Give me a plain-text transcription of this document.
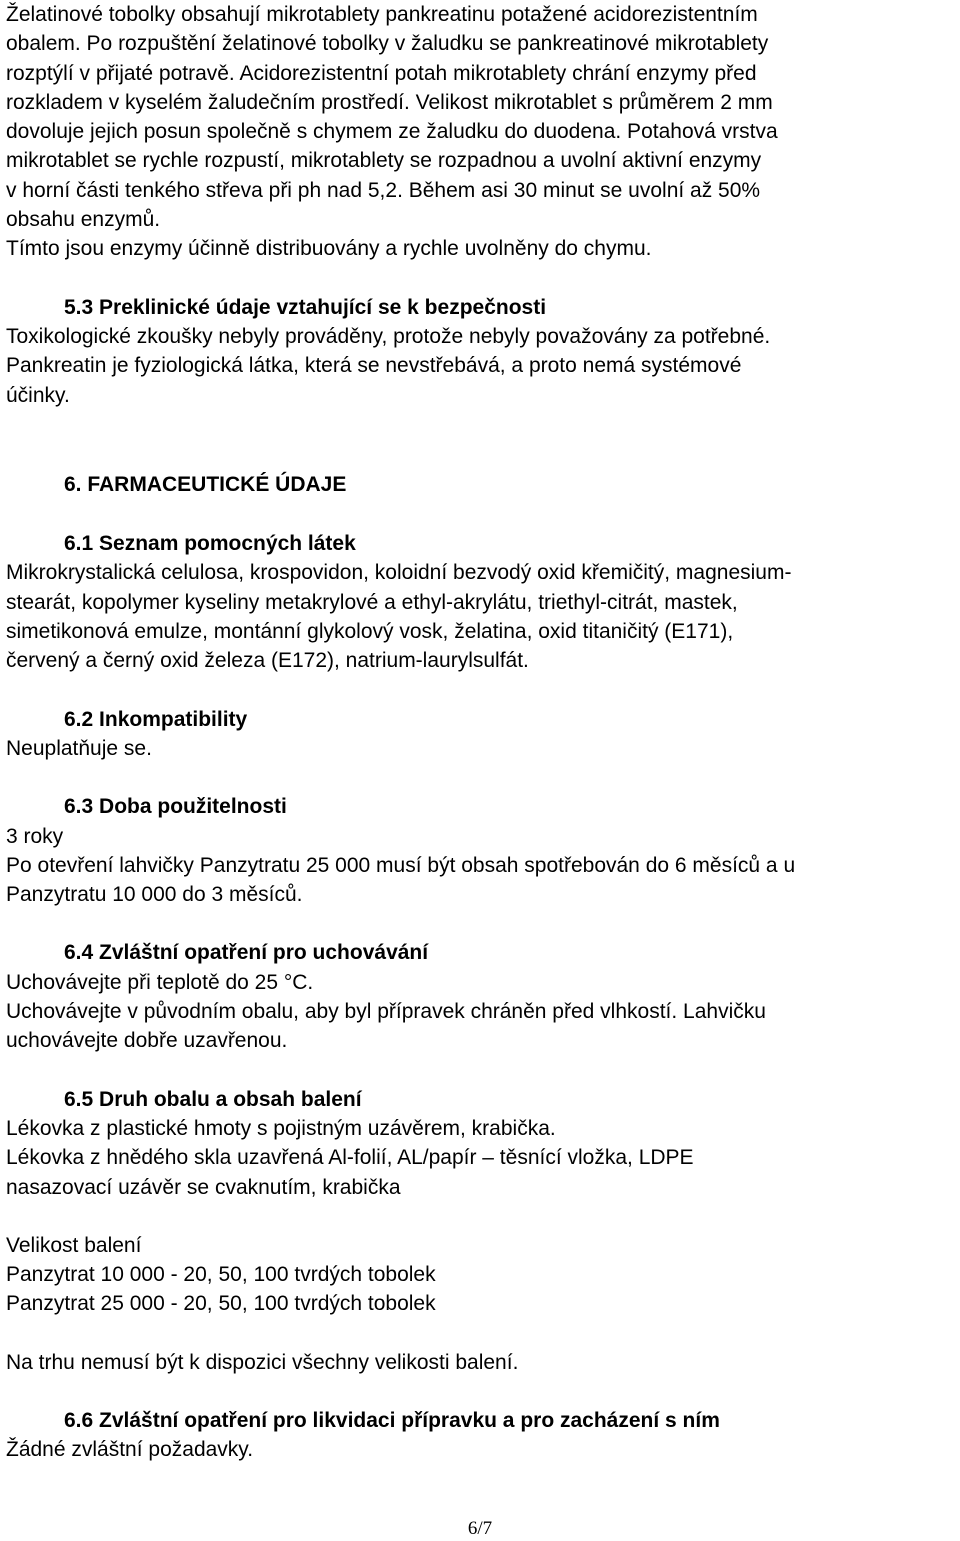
Želatinové tobolky obsahují mikrotablety pankreatinu potažené acidorezistentním

obalem. Po rozpuštění želatinové tobolky v žaludku se pankreatinové mikrotablety

rozptýlí v přijaté potravě. Acidorezistentní potah mikrotablety chrání enzymy před

rozkladem v kyselém žaludečním prostředí. Velikost mikrotablet s průměrem 2 mm

dovoluje jejich posun společně s chymem ze žaludku do duodena. Potahová vrstva

mikrotablet se rychle rozpustí, mikrotablety se rozpadnou a uvolní aktivní enzymy

v horní části tenkého střeva při ph nad 5,2. Během asi 30 minut se uvolní až 50%

obsahu enzymů.

Tímto jsou enzymy účinně distribuovány a rychle uvolněny do chymu.

5.3 Preklinické údaje vztahující se k bezpečnosti

Toxikologické zkoušky nebyly prováděny, protože nebyly považovány za potřebné.

Pankreatin je fyziologická látka, která se nevstřebává, a proto nemá systémové

účinky.

6. FARMACEUTICKÉ ÚDAJE

6.1 Seznam pomocných látek

Mikrokrystalická celulosa, krospovidon, koloidní bezvodý oxid křemičitý, magnesium-

stearát, kopolymer kyseliny metakrylové a ethyl-akrylátu, triethyl-citrát, mastek,

simetikonová emulze, montánní glykolový vosk, želatina, oxid titaničitý (E171),

červený a černý oxid železa (E172), natrium-laurylsulfát.

6.2 Inkompatibility

Neuplatňuje se.

6.3 Doba použitelnosti

3 roky

Po otevření lahvičky Panzytratu 25 000 musí být obsah spotřebován do 6 měsíců a u

Panzytratu 10 000 do 3 měsíců.

6.4 Zvláštní opatření pro uchovávání

Uchovávejte při teplotě do 25 °C.

Uchovávejte v původním obalu, aby byl přípravek chráněn před vlhkostí. Lahvičku

uchovávejte dobře uzavřenou.

6.5 Druh obalu a obsah balení

Lékovka z plastické hmoty s pojistným uzávěrem, krabička.

Lékovka z hnědého skla uzavřená Al-folií, AL/papír – těsnící vložka, LDPE

nasazovací uzávěr se cvaknutím, krabička

Velikost balení

Panzytrat 10 000 - 20, 50, 100 tvrdých tobolek

Panzytrat 25 000 - 20, 50, 100 tvrdých tobolek

Na trhu nemusí být k dispozici všechny velikosti balení.

6.6 Zvláštní opatření pro likvidaci přípravku a pro zacházení s ním

Žádné zvláštní požadavky.

6/7
